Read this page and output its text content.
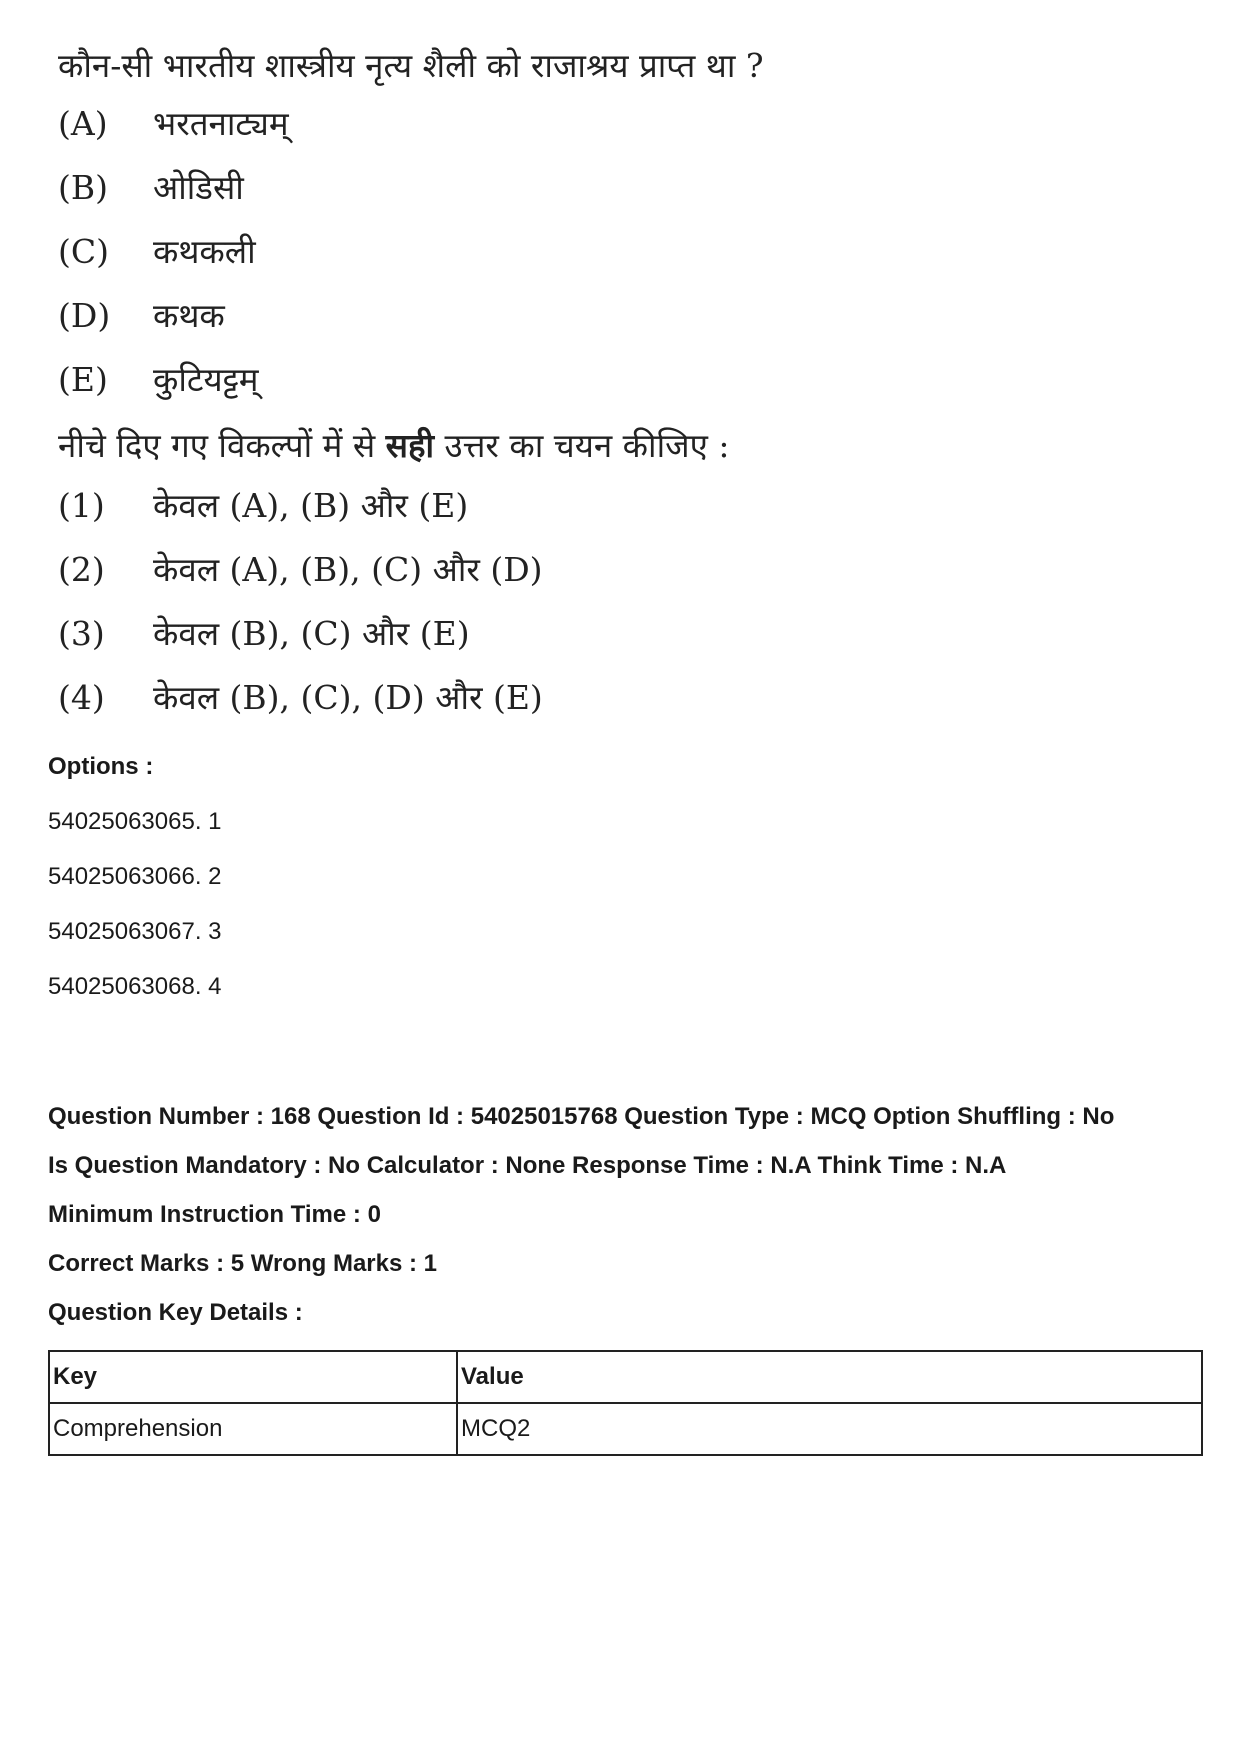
कौन-सी भारतीय शास्त्रीय नृत्य शैली को राजाश्रय प्राप्त था ?

(A)	भरतनाट्यम्
(B)	ओडिसी
(C)	कथकली
(D)	कथक
(E)	कुटियट्टम्

नीचे दिए गए विकल्पों में से सही उत्तर का चयन कीजिए :

(1)	केवल (A), (B) और (E)
(2)	केवल (A), (B), (C) और (D)
(3)	केवल (B), (C) और (E)
(4)	केवल (B), (C), (D) और (E)

Options :

54025063065. 1

54025063066. 2

54025063067. 3

54025063068. 4

Question Number : 168 Question Id : 54025015768 Question Type : MCQ Option Shuffling : No

Is Question Mandatory : No Calculator : None Response Time : N.A Think Time : N.A

Minimum Instruction Time : 0

Correct Marks : 5 Wrong Marks : 1

Question Key Details :

Key	Value
Comprehension	MCQ2
